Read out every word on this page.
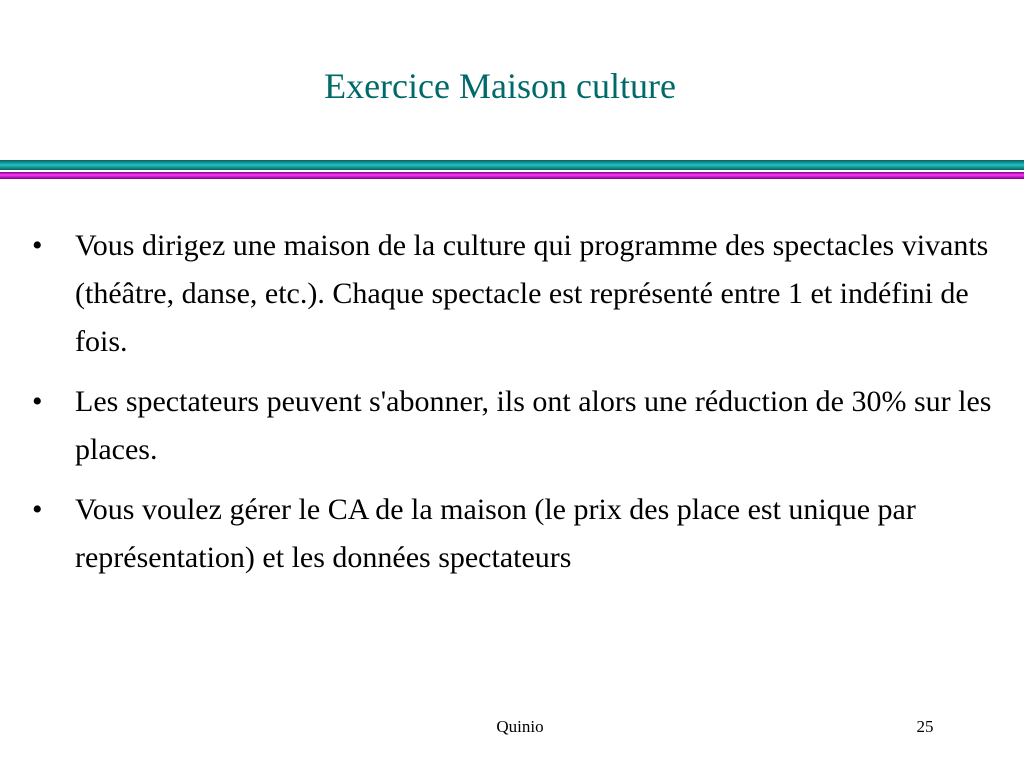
Exercice Maison culture
• Vous dirigez une maison de la culture qui programme des spectacles vivants (théâtre, danse, etc.). Chaque spectacle est représenté entre 1 et indéfini de fois.
• Les spectateurs peuvent s'abonner, ils ont alors une réduction de 30% sur les places.
• Vous voulez gérer le CA de la maison (le prix des place est unique par représentation) et les données spectateurs
Quinio	25
